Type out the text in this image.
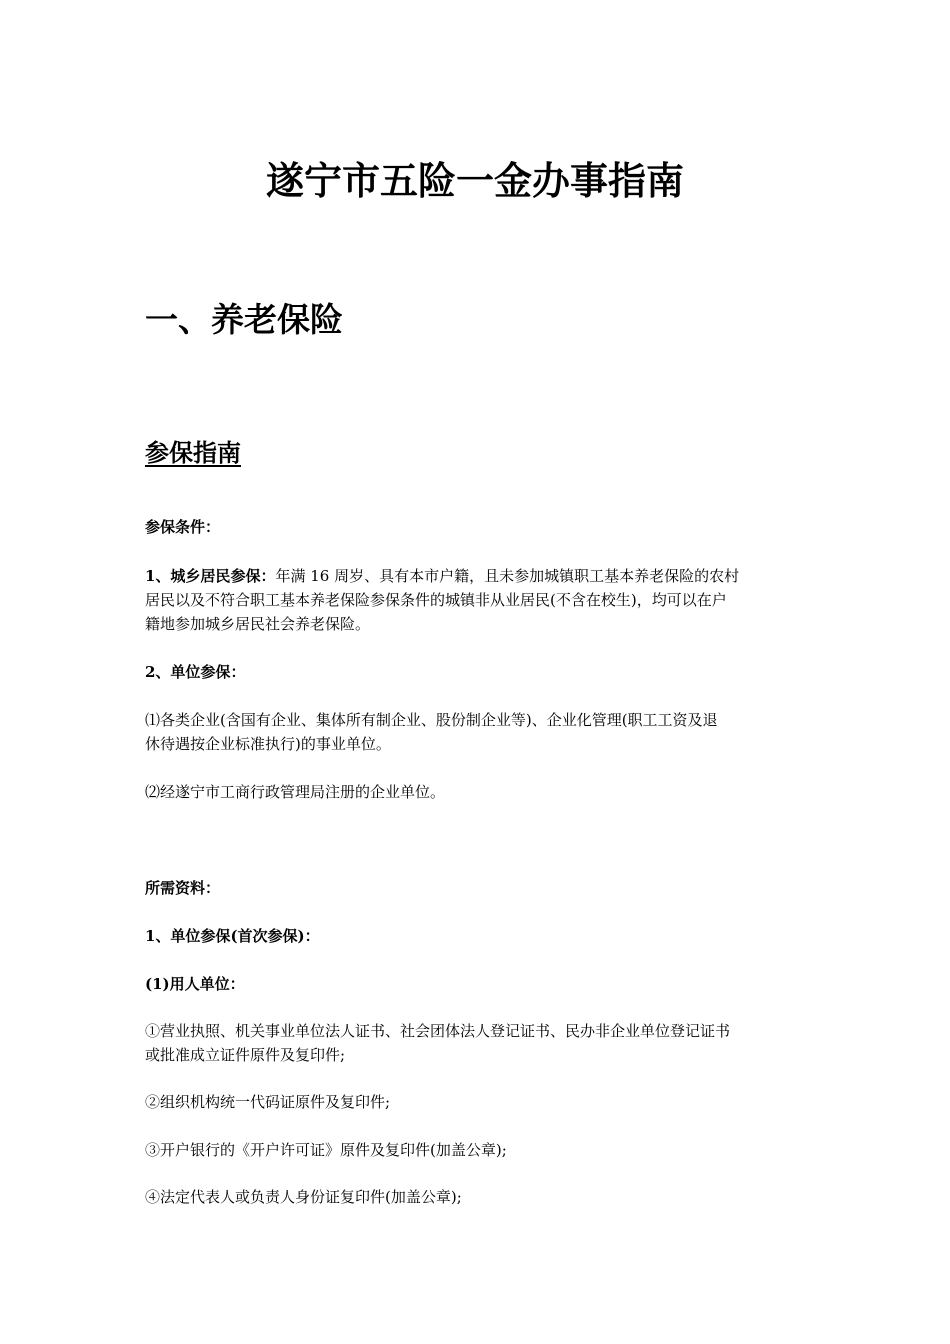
遂宁市五险一金办事指南
一、养老保险
参保指南

参保条件：

1、城乡居民参保：年满 16 周岁、具有本市户籍，且未参加城镇职工基本养老保险的农村
居民以及不符合职工基本养老保险参保条件的城镇非从业居民(不含在校生)，均可以在户
籍地参加城乡居民社会养老保险。

2、单位参保：

⑴各类企业(含国有企业、集体所有制企业、股份制企业等)、企业化管理(职工工资及退
休待遇按企业标准执行)的事业单位。

⑵经遂宁市工商行政管理局注册的企业单位。

所需资料：

1、单位参保(首次参保)：

(1)用人单位：

①营业执照、机关事业单位法人证书、社会团体法人登记证书、民办非企业单位登记证书
或批准成立证件原件及复印件;

②组织机构统一代码证原件及复印件;

③开户银行的《开户许可证》原件及复印件(加盖公章);

④法定代表人或负责人身份证复印件(加盖公章);
